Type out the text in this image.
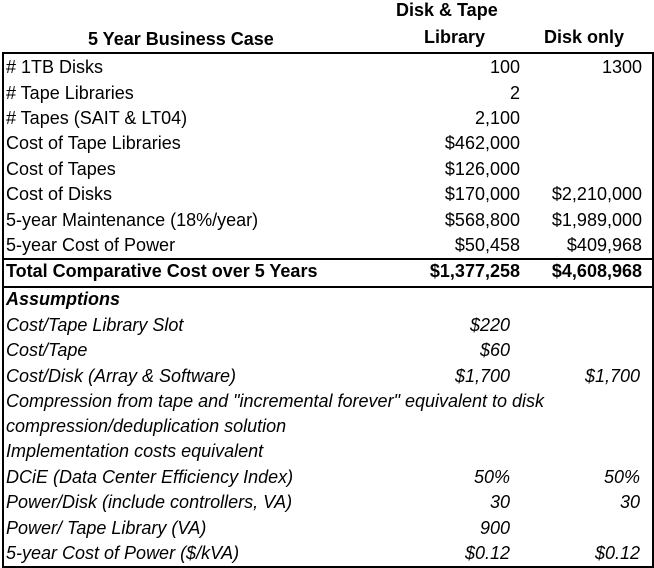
5 Year Business Case
Disk & Tape
Library	Disk only
# 1TB Disks	100	1300
# Tape Libraries	2
# Tapes (SAIT & LT04)	2,100
Cost of Tape Libraries	$462,000
Cost of Tapes	$126,000
Cost of Disks	$170,000 $2,210,000
5-year Maintenance (18%/year)	$568,800 $1,989,000
5-year Cost of Power	$50,458	$409,968
Total Comparative Cost over 5 Years	$1,377,258 $4,608,968
Assumptions
Cost/Tape Library Slot	$220
Cost/Tape	$60
Cost/Disk (Array & Software)	$1,700	$1,700
Compression from tape and "incremental forever" equivalent to disk
compression/deduplication solution
Implementation costs equivalent
DCiE (Data Center Efficiency Index)	50%	50%
Power/Disk (include controllers, VA)	30	30
Power/ Tape Library (VA)	900
5-year Cost of Power ($/kVA)	$0.12	$0.12
